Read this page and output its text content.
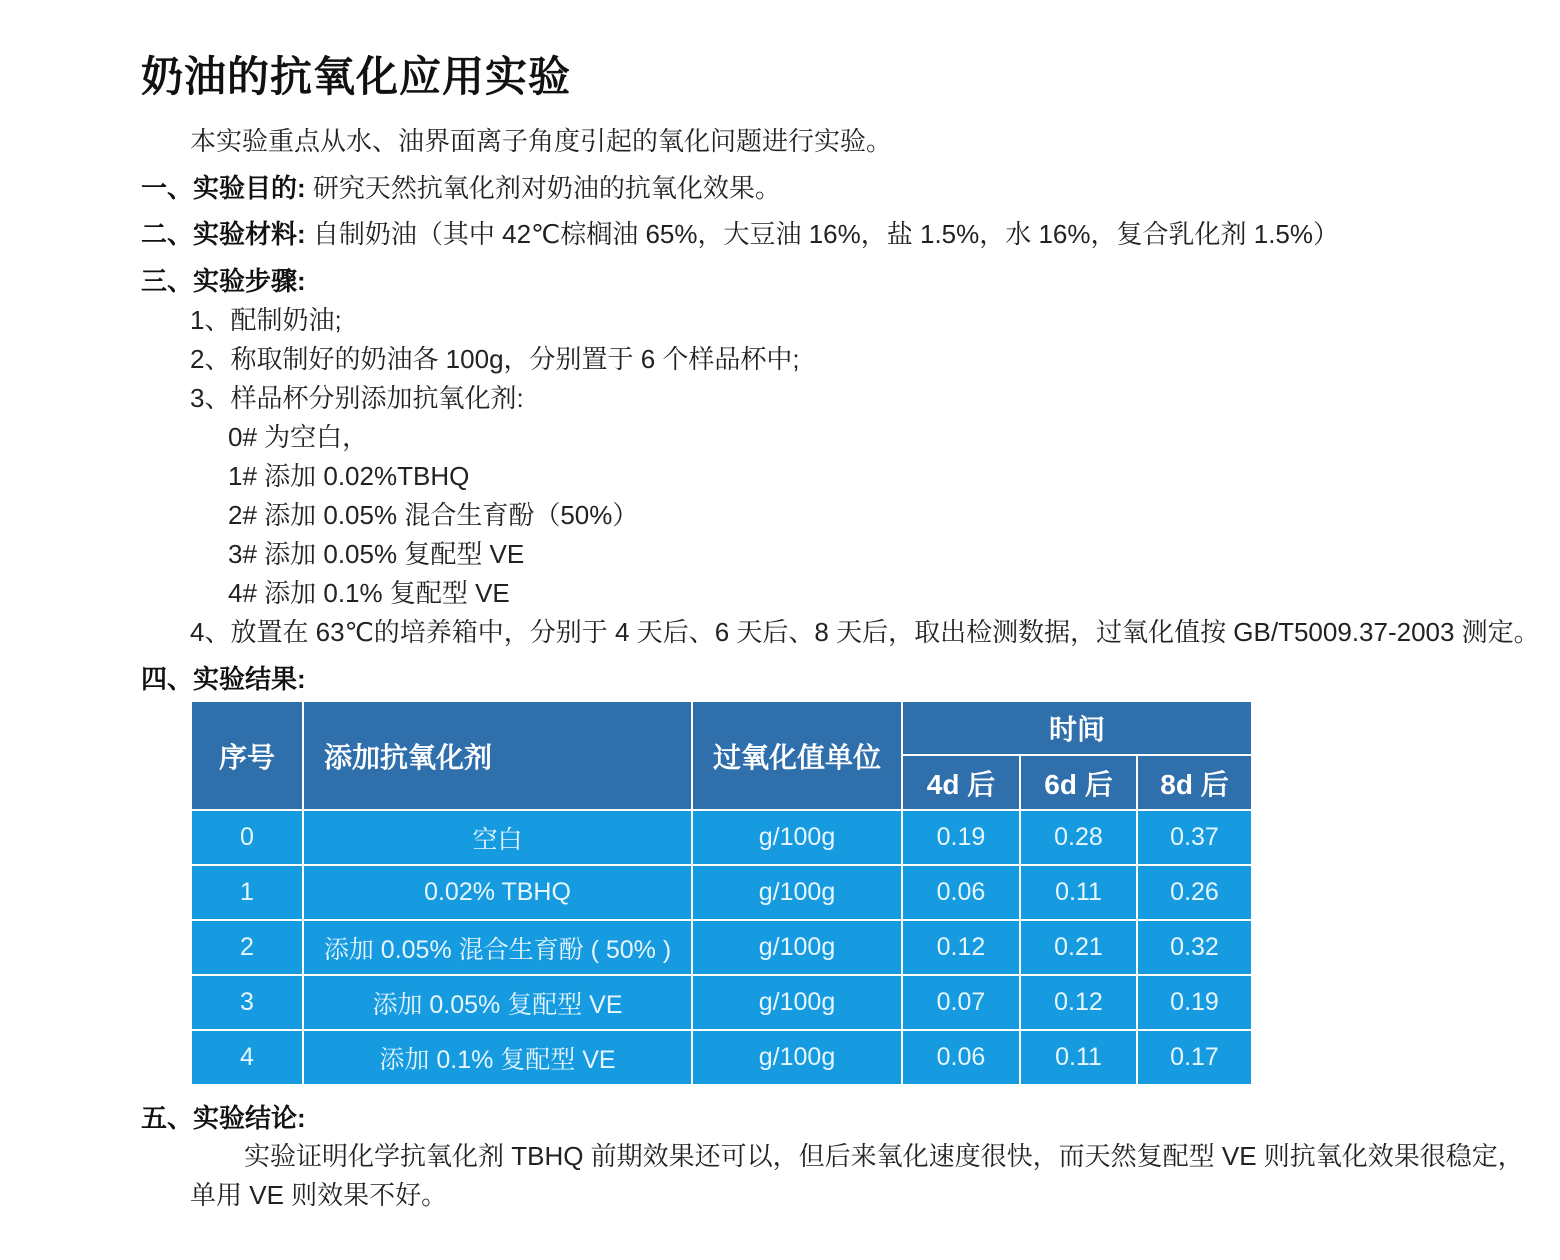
奶油的抗氧化应用实验
本实验重点从水、油界面离子角度引起的氧化问题进行实验。
一、实验目的: 研究天然抗氧化剂对奶油的抗氧化效果。
二、实验材料: 自制奶油（其中 42℃棕榈油 65%，大豆油 16%，盐 1.5%，水 16%，复合乳化剂 1.5%）
三、实验步骤:
1、配制奶油;
2、称取制好的奶油各 100g，分别置于 6 个样品杯中;
3、样品杯分别添加抗氧化剂:
0# 为空白，
1# 添加 0.02%TBHQ
2# 添加 0.05% 混合生育酚（50%）
3# 添加 0.05% 复配型 VE
4# 添加 0.1% 复配型 VE
4、放置在 63℃的培养箱中，分别于 4 天后、6 天后、8 天后，取出检测数据，过氧化值按 GB/T5009.37-2003 测定。
四、实验结果:
序号	添加抗氧化剂	过氧化值单位	时间		
			4d 后	6d 后	8d 后
0	空白	g/100g	0.19	0.28	0.37
1	0.02% TBHQ	g/100g	0.06	0.11	0.26
2	添加 0.05% 混合生育酚 ( 50% )	g/100g	0.12	0.21	0.32
3	添加 0.05% 复配型 VE	g/100g	0.07	0.12	0.19
4	添加 0.1% 复配型 VE	g/100g	0.06	0.11	0.17
五、实验结论:
实验证明化学抗氧化剂 TBHQ 前期效果还可以，但后来氧化速度很快，而天然复配型 VE 则抗氧化效果很稳定，
单用 VE 则效果不好。
